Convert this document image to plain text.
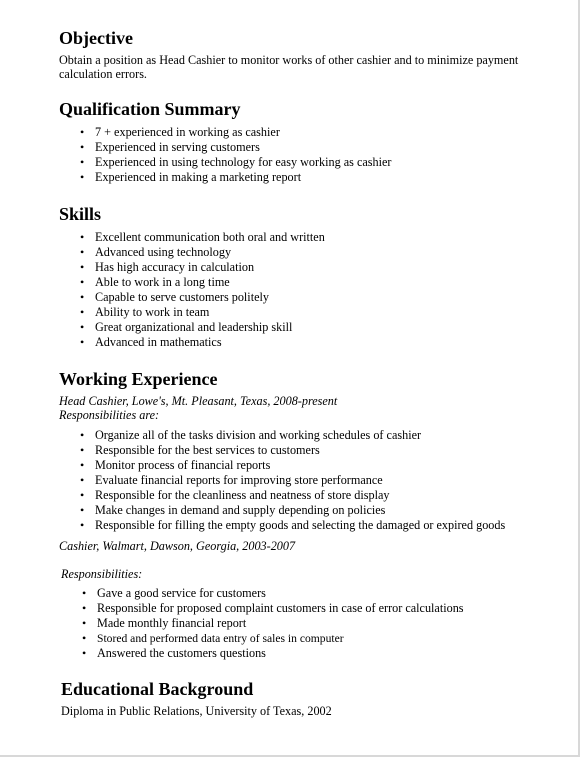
Objective

Obtain a position as Head Cashier to monitor works of other cashier and to minimize payment calculation errors.

Qualification Summary
• 7 + experienced in working as cashier
• Experienced in serving customers
• Experienced in using technology for easy working as cashier
• Experienced in making a marketing report
Skills
• Excellent communication both oral and written
• Advanced using technology
• Has high accuracy in calculation
• Able to work in a long time
• Capable to serve customers politely
• Ability to work in team
• Great organizational and leadership skill
• Advanced in mathematics
Working Experience

Head Cashier, Lowe's, Mt. Pleasant, Texas, 2008-present

Responsibilities are:

• Organize all of the tasks division and working schedules of cashier
• Responsible for the best services to customers
• Monitor process of financial reports
• Evaluate financial reports for improving store performance
• Responsible for the cleanliness and neatness of store display
• Make changes in demand and supply depending on policies
• Responsible for filling the empty goods and selecting the damaged or expired goods

Cashier, Walmart, Dawson, Georgia, 2003-2007

Responsibilities:

• Gave a good service for customers
• Responsible for proposed complaint customers in case of error calculations
• Made monthly financial report
• Stored and performed data entry of sales in computer
• Answered the customers questions
Educational Background

Diploma in Public Relations, University of Texas, 2002
